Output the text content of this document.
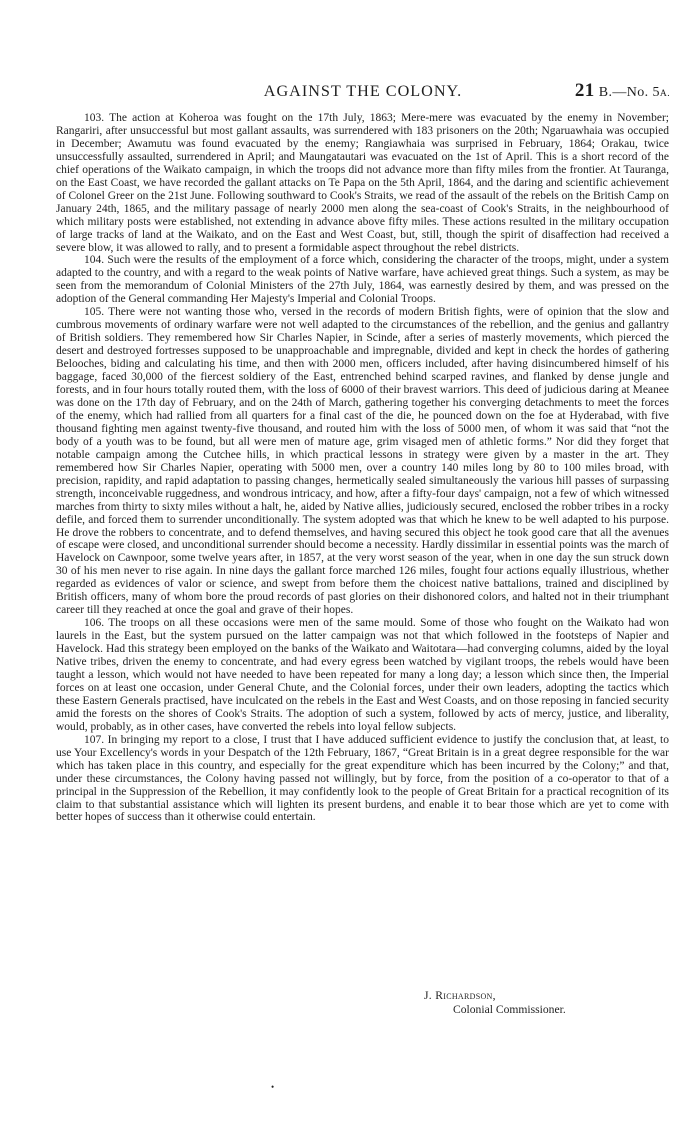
AGAINST THE COLONY.	21 B.—No. 5A.

103. The action at Koheroa was fought on the 17th July, 1863; Mere-mere was evacuated by the enemy in November; Rangariri, after unsuccessful but most gallant assaults, was surrendered with 183 prisoners on the 20th; Ngaruawhaia was occupied in December; Awamutu was found evacuated by the enemy; Rangiawhaia was surprised in February, 1864; Orakau, twice unsuccessfully assaulted, surrendered in April; and Maungatautari was evacuated on the 1st of April. This is a short record of the chief operations of the Waikato campaign, in which the troops did not advance more than fifty miles from the frontier. At Tauranga, on the East Coast, we have recorded the gallant attacks on Te Papa on the 5th April, 1864, and the daring and scientific achievement of Colonel Greer on the 21st June. Following southward to Cook's Straits, we read of the assault of the rebels on the British Camp on January 24th, 1865, and the military passage of nearly 2000 men along the sea-coast of Cook's Straits, in the neighbourhood of which military posts were established, not extending in advance above fifty miles. These actions resulted in the military occupation of large tracks of land at the Waikato, and on the East and West Coast, but, still, though the spirit of disaffection had received a severe blow, it was allowed to rally, and to present a formidable aspect throughout the rebel districts.

104. Such were the results of the employment of a force which, considering the character of the troops, might, under a system adapted to the country, and with a regard to the weak points of Native warfare, have achieved great things. Such a system, as may be seen from the memorandum of Colonial Ministers of the 27th July, 1864, was earnestly desired by them, and was pressed on the adoption of the General commanding Her Majesty's Imperial and Colonial Troops.

105. There were not wanting those who, versed in the records of modern British fights, were of opinion that the slow and cumbrous movements of ordinary warfare were not well adapted to the circumstances of the rebellion, and the genius and gallantry of British soldiers. They remembered how Sir Charles Napier, in Scinde, after a series of masterly movements, which pierced the desert and destroyed fortresses supposed to be unapproachable and impregnable, divided and kept in check the hordes of gathering Belooches, biding and calculating his time, and then with 2000 men, officers included, after having disincumbered himself of his baggage, faced 30,000 of the fiercest soldiery of the East, entrenched behind scarped ravines, and flanked by dense jungle and forests, and in four hours totally routed them, with the loss of 6000 of their bravest warriors. This deed of judicious daring at Meanee was done on the 17th day of February, and on the 24th of March, gathering together his converging detachments to meet the forces of the enemy, which had rallied from all quarters for a final cast of the die, he pounced down on the foe at Hyderabad, with five thousand fighting men against twenty-five thousand, and routed him with the loss of 5000 men, of whom it was said that “not the body of a youth was to be found, but all were men of mature age, grim visaged men of athletic forms.” Nor did they forget that notable campaign among the Cutchee hills, in which practical lessons in strategy were given by a master in the art. They remembered how Sir Charles Napier, operating with 5000 men, over a country 140 miles long by 80 to 100 miles broad, with precision, rapidity, and rapid adaptation to passing changes, hermetically sealed simultaneously the various hill passes of surpassing strength, inconceivable ruggedness, and wondrous intricacy, and how, after a fifty-four days' campaign, not a few of which witnessed marches from thirty to sixty miles without a halt, he, aided by Native allies, judiciously secured, enclosed the robber tribes in a rocky defile, and forced them to surrender unconditionally. The system adopted was that which he knew to be well adapted to his purpose. He drove the robbers to concentrate, and to defend themselves, and having secured this object he took good care that all the avenues of escape were closed, and unconditional surrender should become a necessity. Hardly dissimilar in essential points was the march of Havelock on Cawnpoor, some twelve years after, in 1857, at the very worst season of the year, when in one day the sun struck down 30 of his men never to rise again. In nine days the gallant force marched 126 miles, fought four actions equally illustrious, whether regarded as evidences of valor or science, and swept from before them the choicest native battalions, trained and disciplined by British officers, many of whom bore the proud records of past glories on their dishonored colors, and halted not in their triumphant career till they reached at once the goal and grave of their hopes.

106. The troops on all these occasions were men of the same mould. Some of those who fought on the Waikato had won laurels in the East, but the system pursued on the latter campaign was not that which followed in the footsteps of Napier and Havelock. Had this strategy been employed on the banks of the Waikato and Waitotara—had converging columns, aided by the loyal Native tribes, driven the enemy to concentrate, and had every egress been watched by vigilant troops, the rebels would have been taught a lesson, which would not have needed to have been repeated for many a long day; a lesson which since then, the Imperial forces on at least one occasion, under General Chute, and the Colonial forces, under their own leaders, adopting the tactics which these Eastern Generals practised, have inculcated on the rebels in the East and West Coasts, and on those reposing in fancied security amid the forests on the shores of Cook's Straits. The adoption of such a system, followed by acts of mercy, justice, and liberality, would, probably, as in other cases, have converted the rebels into loyal fellow subjects.

107. In bringing my report to a close, I trust that I have adduced sufficient evidence to justify the conclusion that, at least, to use Your Excellency's words in your Despatch of the 12th February, 1867, “Great Britain is in a great degree responsible for the war which has taken place in this country, and especially for the great expenditure which has been incurred by the Colony;” and that, under these circumstances, the Colony having passed not willingly, but by force, from the position of a co-operator to that of a principal in the Suppression of the Rebellion, it may confidently look to the people of Great Britain for a practical recognition of its claim to that substantial assistance which will lighten its present burdens, and enable it to bear those which are yet to come with better hopes of success than it otherwise could entertain.

J. Richardson,
Colonial Commissioner.
•
